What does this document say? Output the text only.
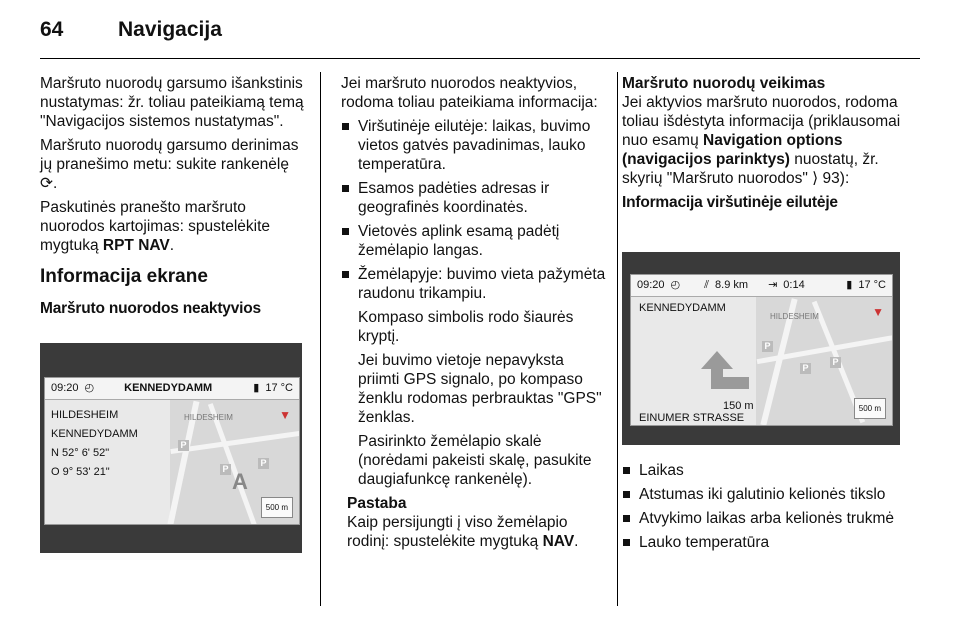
64	Navigacija

Maršruto nuorodų garsumo išankstinis nustatymas: žr. toliau pateikiamą temą "Navigacijos sistemos nustatymas".

Maršruto nuorodų garsumo derinimas jų pranešimo metu: sukite rankenėlę ⟳.

Paskutinės pranešto maršruto nuorodos kartojimas: spustelėkite mygtuką RPT NAV.

Informacija ekrane
Maršruto nuorodos neaktyvios
09:20 ◴	KENNEDYDAMM	▮ 17 °C
HILDESHEIM
KENNEDYDAMM
N 52° 6' 52"
O 9° 53' 21"
HILDESHEIM
P
P
P
A
▼
500 m

Jei maršruto nuorodos neaktyvios, rodoma toliau pateikiama informacija:

Viršutinėje eilutėje: laikas, buvimo vietos gatvės pavadinimas, lauko temperatūra.
Esamos padėties adresas ir geografinės koordinatės.
Vietovės aplink esamą padėtį žemėlapio langas.
Žemėlapyje: buvimo vieta pažymėta raudonu trikampiu.
Kompaso simbolis rodo šiaurės kryptį.
Jei buvimo vietoje nepavyksta priimti GPS signalo, po kompaso ženklu rodomas perbrauktas "GPS" ženklas.
Pasirinkto žemėlapio skalė (norėdami pakeisti skalę, pasukite daugiafunkcę rankenėlę).
Pastaba
Kaip persijungti į viso žemėlapio rodinį: spustelėkite mygtuką NAV.
Maršruto nuorodų veikimas

Jei aktyvios maršruto nuorodos, rodoma toliau išdėstyta informacija (priklausomai nuo esamų Navigation options (navigacijos parinktys) nuostatų, žr. skyrių "Maršruto nuorodos" ⟩ 93):

Informacija viršutinėje eilutėje
09:20 ◴ ⫽ 8.9 km ⇥ 0:14	▮ 17 °C
KENNEDYDAMM
150 m
EINUMER STRASSE
HILDESHEIM
P
P
P
▼
500 m
Laikas
Atstumas iki galutinio kelionės tikslo
Atvykimo laikas arba kelionės trukmė
Lauko temperatūra
